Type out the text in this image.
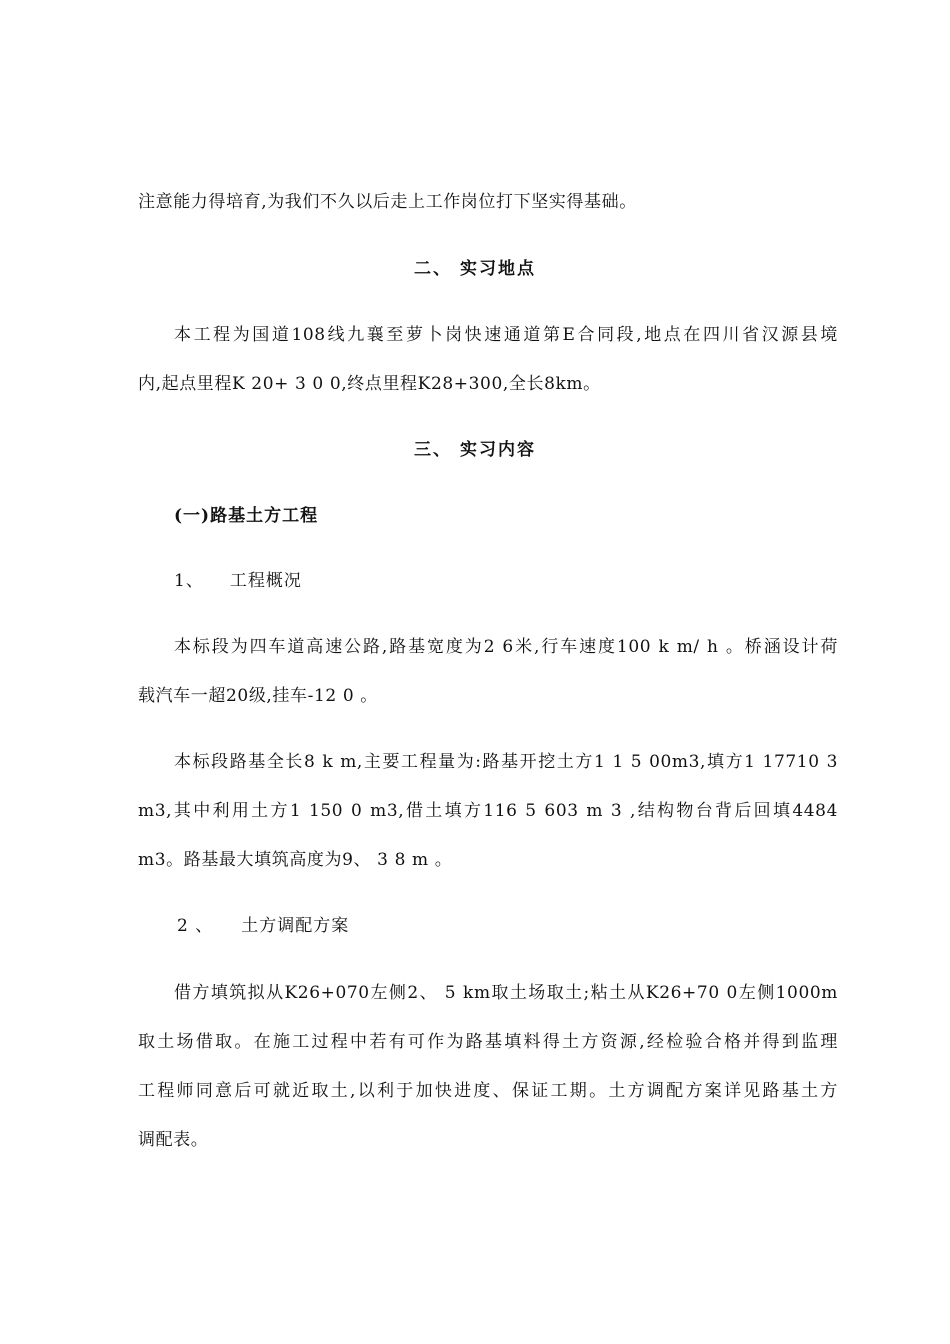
注意能力得培育,为我们不久以后走上工作岗位打下坚实得基础。
二、 实习地点
本工程为国道108线九襄至萝卜岗快速通道第E合同段,地点在四川省汉源县境
内,起点里程K 20+ 3 0 0,终点里程K28+300,全长8km。
三、 实习内容
(一)路基土方工程
1、 工程概况
本标段为四车道高速公路,路基宽度为2 6米,行车速度100 k m/ h 。桥涵设计荷
载汽车一超20级,挂车-12 0 。
本标段路基全长8 k m,主要工程量为:路基开挖土方1 1 5 00m3,填方1 17710 3
m3,其中利用土方1 150 0 m3,借土填方116 5 603 m 3 ,结构物台背后回填4484
m3。路基最大填筑高度为9、 3 8 m 。
2 、 土方调配方案
借方填筑拟从K26+070左侧2、 5 km取土场取土;粘土从K26+70 0左侧1000m
取土场借取。在施工过程中若有可作为路基填料得土方资源,经检验合格并得到监理
工程师同意后可就近取土,以利于加快进度、保证工期。土方调配方案详见路基土方
调配表。
